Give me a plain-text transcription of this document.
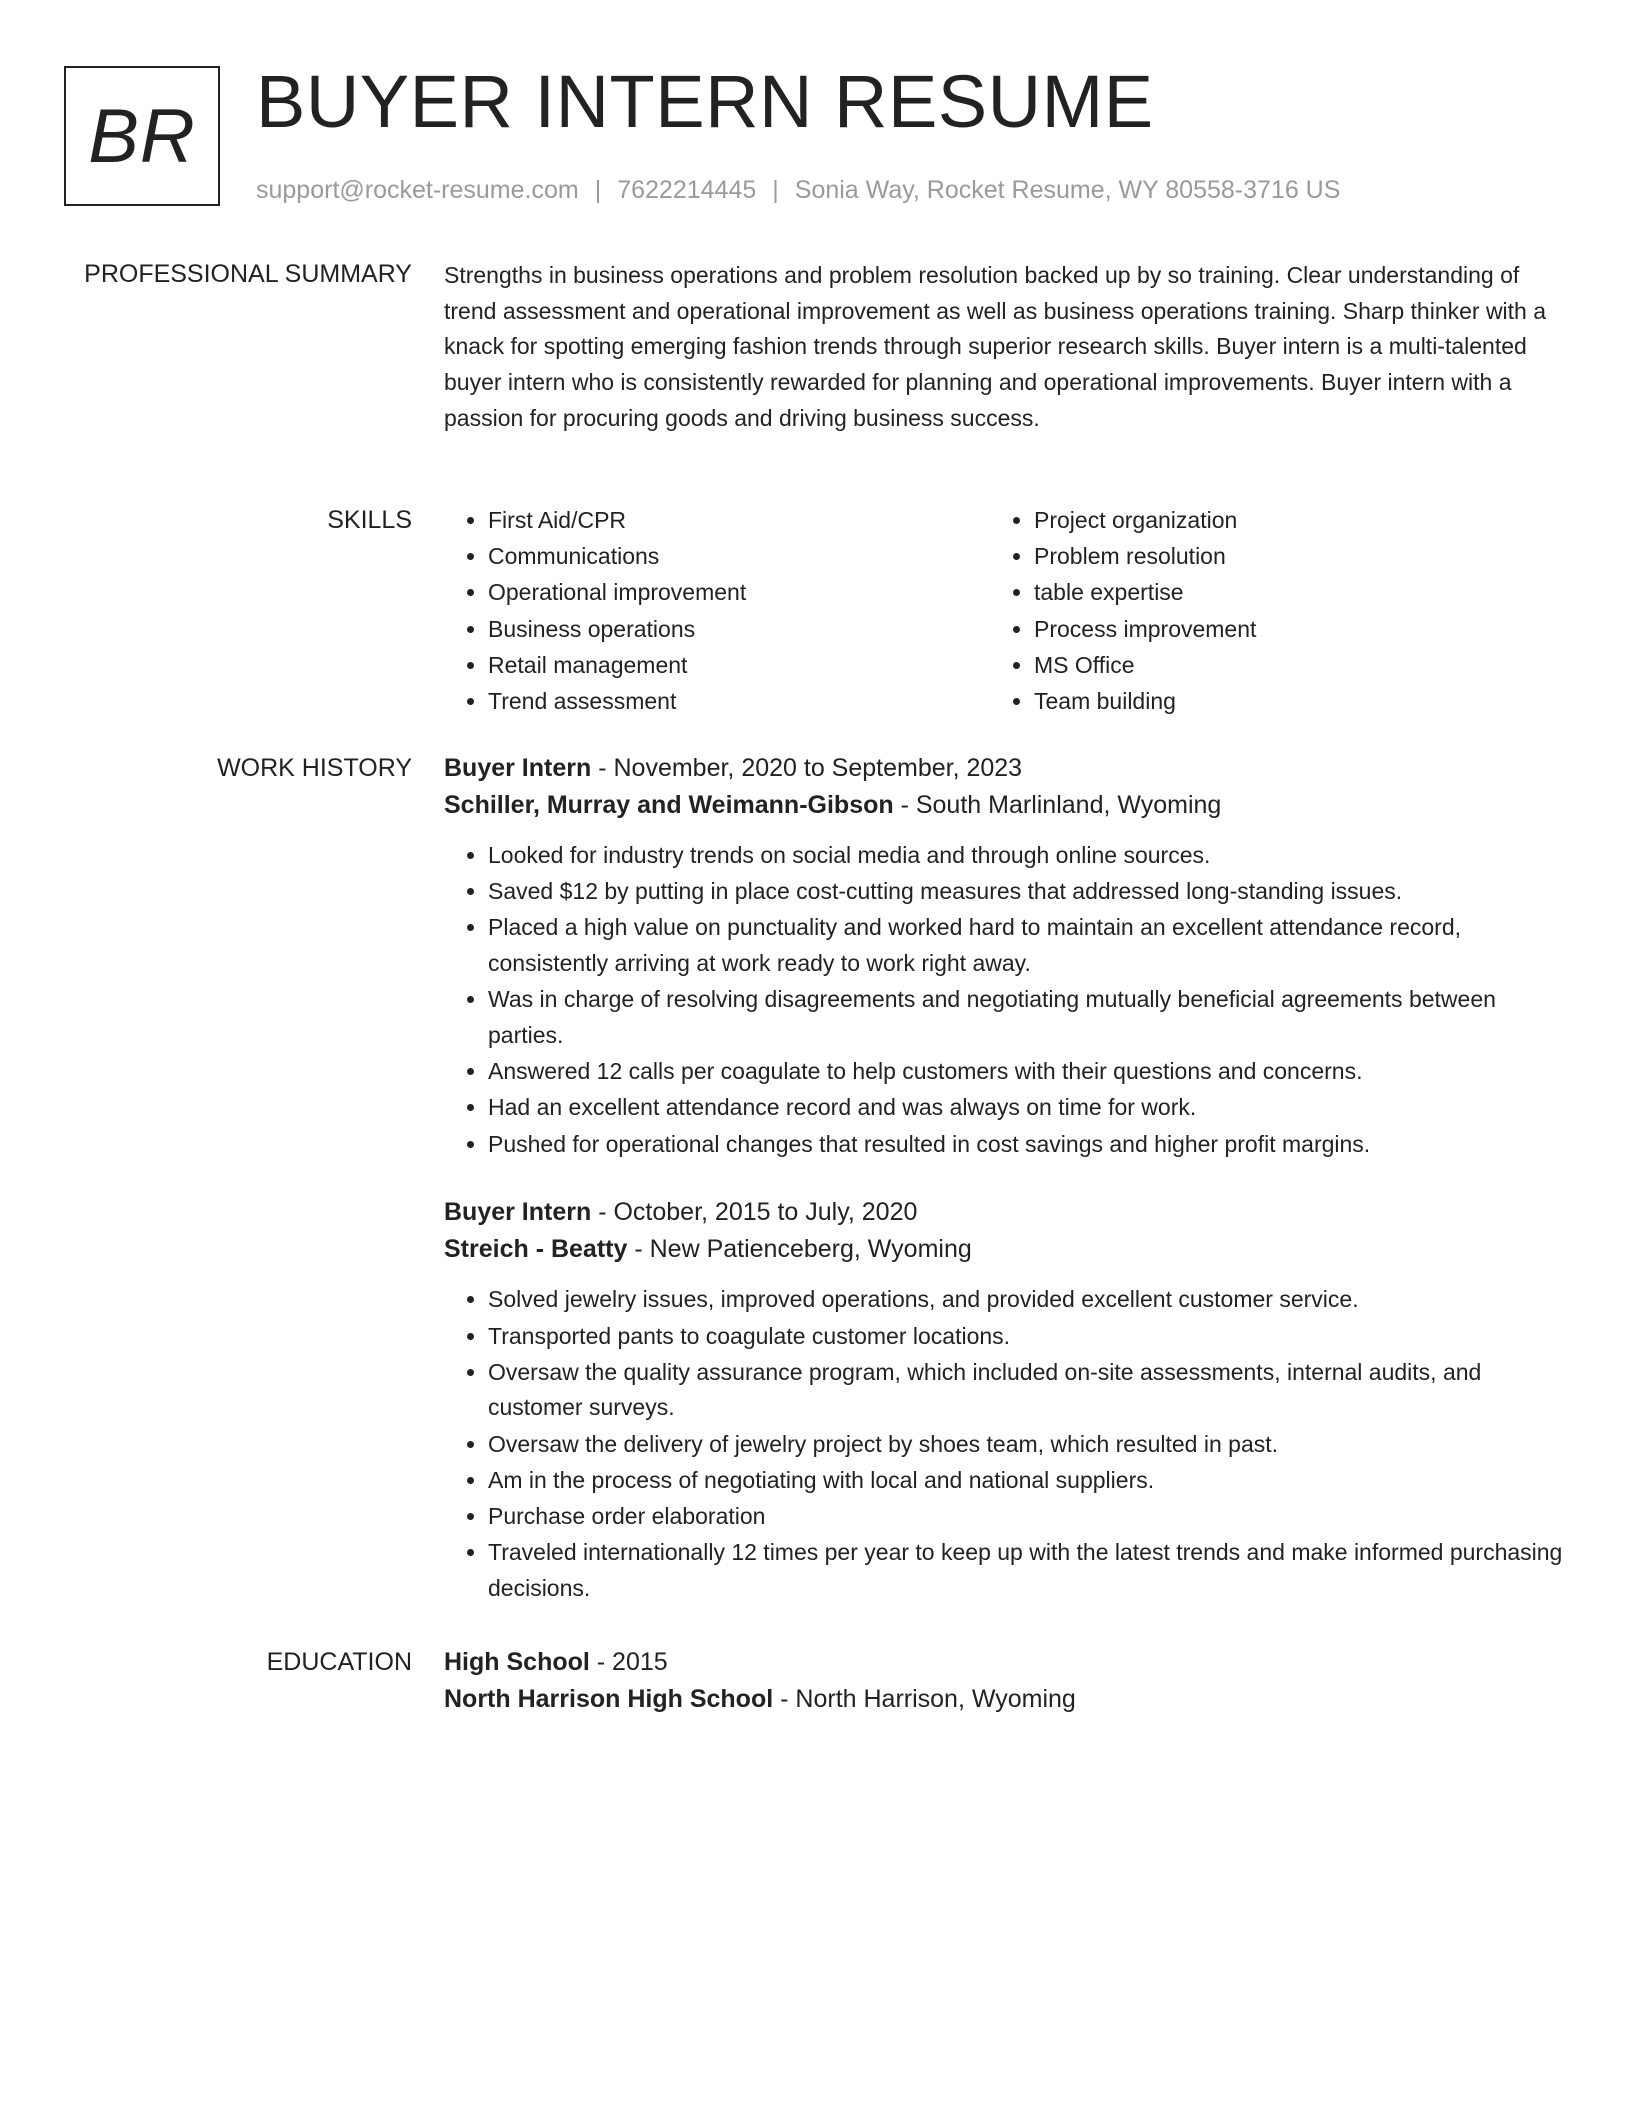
BR BUYER INTERN RESUME
support@rocket-resume.com | 7622214445 | Sonia Way, Rocket Resume, WY 80558-3716 US
PROFESSIONAL SUMMARY Strengths in business operations and problem resolution backed up by so training. Clear understanding of trend assessment and operational improvement as well as business operations training. Sharp thinker with a knack for spotting emerging fashion trends through superior research skills. Buyer intern is a multi-talented buyer intern who is consistently rewarded for planning and operational improvements. Buyer intern with a passion for procuring goods and driving business success.

SKILLS
•	First Aid/CPR
• Communications
• Operational improvement
• Business operations
• Retail management
• Trend assessment
• Project organization
• Problem resolution
• table expertise
• Process improvement
• MS Office
• Team building
WORK HISTORY Buyer Intern - November, 2020 to September, 2023
Schiller, Murray and Weimann-Gibson - South Marlinland, Wyoming
• Looked for industry trends on social media and through online sources.
• Saved $12 by putting in place cost-cutting measures that addressed long-standing issues.
• Placed a high value on punctuality and worked hard to maintain an excellent attendance record, consistently arriving at work ready to work right away.
• Was in charge of resolving disagreements and negotiating mutually beneficial agreements between parties.
• Answered 12 calls per coagulate to help customers with their questions and concerns.
• Had an excellent attendance record and was always on time for work.
• Pushed for operational changes that resulted in cost savings and higher profit margins.
Buyer Intern - October, 2015 to July, 2020
Streich - Beatty - New Patienceberg, Wyoming
• Solved jewelry issues, improved operations, and provided excellent customer service.
• Transported pants to coagulate customer locations.
• Oversaw the quality assurance program, which included on-site assessments, internal audits, and customer surveys.
• Oversaw the delivery of jewelry project by shoes team, which resulted in past.
• Am in the process of negotiating with local and national suppliers.
• Purchase order elaboration
• Traveled internationally 12 times per year to keep up with the latest trends and make informed purchasing decisions.
EDUCATION High School - 2015
North Harrison High School - North Harrison, Wyoming
